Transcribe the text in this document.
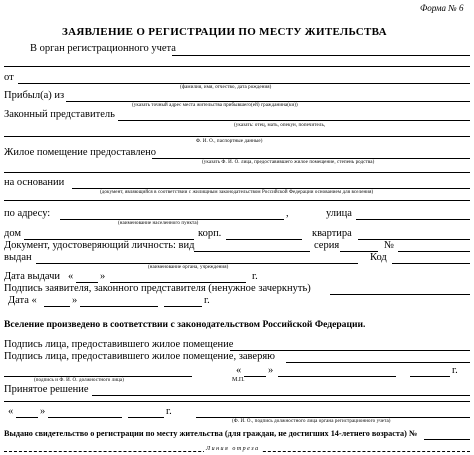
Форма № 6
ЗАЯВЛЕНИЕ О РЕГИСТРАЦИИ ПО МЕСТУ ЖИТЕЛЬСТВА
В орган регистрационного учета
от
(фамилия, имя, отчество, дата рождения)
Прибыл(а) из
(указать точный адрес места жительства прибывшего(ей) гражданина(ки))
Законный представитель
(указать: отец, мать, опекун, попечитель,
Ф. И. О., паспортные данные)
Жилое помещение предоставлено
(указать Ф. И. О. лица, предоставившего жилое помещение, степень родства)
на основании
(документ, являющийся в соответствии с жилищным законодательством Российской Федерации основанием для вселения)
по адресу:	,	улица
(наименование населенного пункта)
дом	корп.	квартира
Документ, удостоверяющий личность: вид	серия	№
выдан	Код
(наименование органа, учреждения)
Дата выдачи «	»	г.
Подпись заявителя, законного представителя (ненужное зачеркнуть)
Дата «	»	г.
Вселение произведено в соответствии с законодательством Российской Федерации.
Подпись лица, предоставившего жилое помещение
Подпись лица, предоставившего жилое помещение, заверяю
«	»	г.
(подпись и Ф. И. О. должностного лица)	М.П.
Принятое решение
«	»	г.
(Ф. И. О., подпись должностного лица органа регистрационного учета)
Выдано свидетельство о регистрации по месту жительства (для граждан, не достигших 14-летнего возраста) №
Линия отреза
